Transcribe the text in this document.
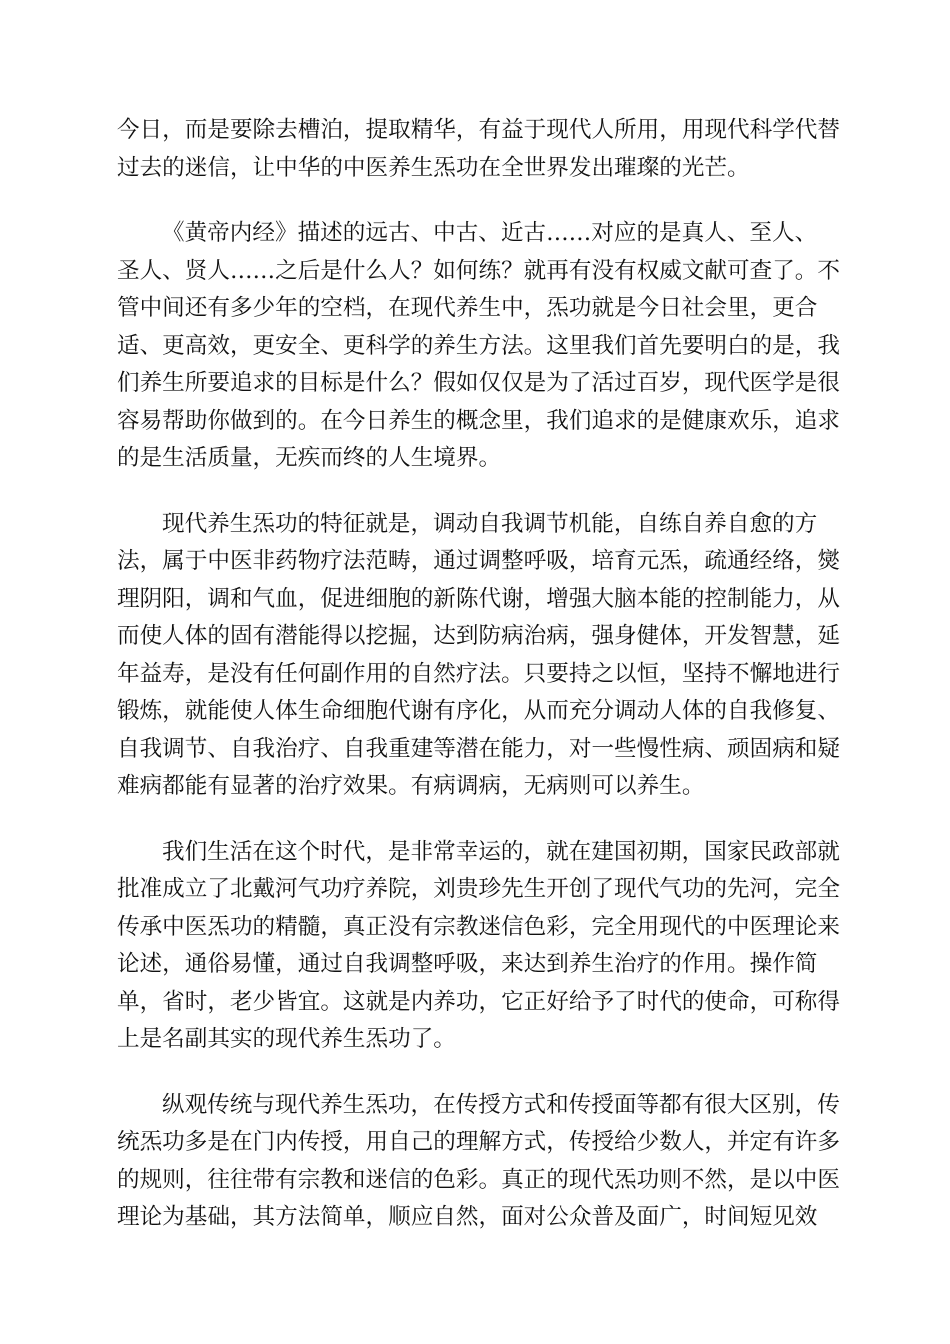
今日，而是要除去槽泊，提取精华，有益于现代人所用，用现代科学代替
过去的迷信，让中华的中医养生炁功在全世界发出璀璨的光芒。

《黄帝内经》描述的远古、中古、近古……对应的是真人、至人、
圣人、贤人……之后是什么人？如何练？就再有没有权威文献可查了。不
管中间还有多少年的空档，在现代养生中，炁功就是今日社会里，更合
适、更高效，更安全、更科学的养生方法。这里我们首先要明白的是，我
们养生所要追求的目标是什么？假如仅仅是为了活过百岁，现代医学是很
容易帮助你做到的。在今日养生的概念里，我们追求的是健康欢乐，追求
的是生活质量，无疾而终的人生境界。

现代养生炁功的特征就是，调动自我调节机能，自练自养自愈的方
法，属于中医非药物疗法范畴，通过调整呼吸，培育元炁，疏通经络，爕
理阴阳，调和气血，促进细胞的新陈代谢，增强大脑本能的控制能力，从
而使人体的固有潜能得以挖掘，达到防病治病，强身健体，开发智慧，延
年益寿，是没有任何副作用的自然疗法。只要持之以恒，坚持不懈地进行
锻炼，就能使人体生命细胞代谢有序化，从而充分调动人体的自我修复、
自我调节、自我治疗、自我重建等潜在能力，对一些慢性病、顽固病和疑
难病都能有显著的治疗效果。有病调病，无病则可以养生。

我们生活在这个时代，是非常幸运的，就在建国初期，国家民政部就
批准成立了北戴河气功疗养院，刘贵珍先生开创了现代气功的先河，完全
传承中医炁功的精髓，真正没有宗教迷信色彩，完全用现代的中医理论来
论述，通俗易懂，通过自我调整呼吸，来达到养生治疗的作用。操作简
单，省时，老少皆宜。这就是内养功，它正好给予了时代的使命，可称得
上是名副其实的现代养生炁功了。

纵观传统与现代养生炁功，在传授方式和传授面等都有很大区别，传
统炁功多是在门内传授，用自己的理解方式，传授给少数人，并定有许多
的规则，往往带有宗教和迷信的色彩。真正的现代炁功则不然，是以中医
理论为基础，其方法简单，顺应自然，面对公众普及面广，时间短见效
